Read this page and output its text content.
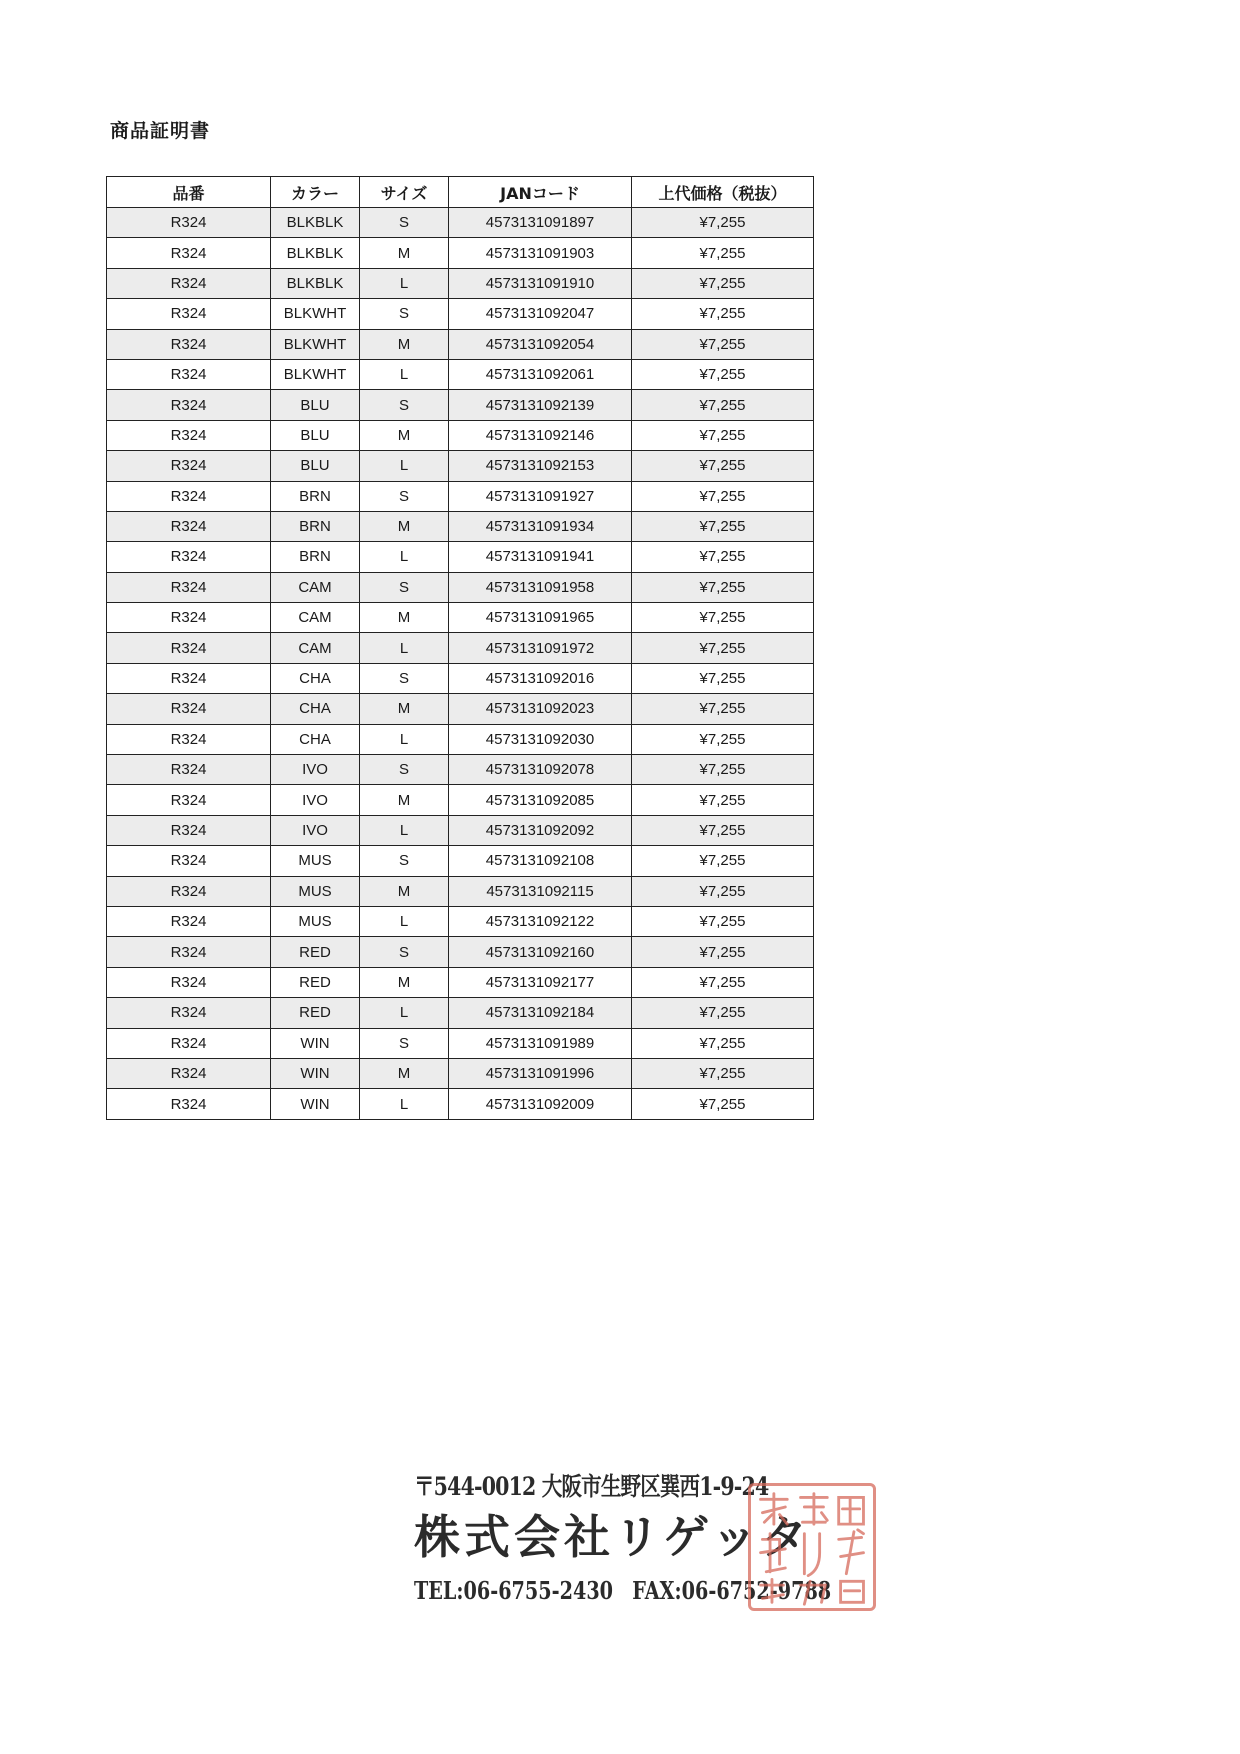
商品証明書
品番	カラー	サイズ	JANコード	上代価格（税抜）
R324	BLKBLK	S	4573131091897	¥7,255
R324	BLKBLK	M	4573131091903	¥7,255
R324	BLKBLK	L	4573131091910	¥7,255
R324	BLKWHT	S	4573131092047	¥7,255
R324	BLKWHT	M	4573131092054	¥7,255
R324	BLKWHT	L	4573131092061	¥7,255
R324	BLU	S	4573131092139	¥7,255
R324	BLU	M	4573131092146	¥7,255
R324	BLU	L	4573131092153	¥7,255
R324	BRN	S	4573131091927	¥7,255
R324	BRN	M	4573131091934	¥7,255
R324	BRN	L	4573131091941	¥7,255
R324	CAM	S	4573131091958	¥7,255
R324	CAM	M	4573131091965	¥7,255
R324	CAM	L	4573131091972	¥7,255
R324	CHA	S	4573131092016	¥7,255
R324	CHA	M	4573131092023	¥7,255
R324	CHA	L	4573131092030	¥7,255
R324	IVO	S	4573131092078	¥7,255
R324	IVO	M	4573131092085	¥7,255
R324	IVO	L	4573131092092	¥7,255
R324	MUS	S	4573131092108	¥7,255
R324	MUS	M	4573131092115	¥7,255
R324	MUS	L	4573131092122	¥7,255
R324	RED	S	4573131092160	¥7,255
R324	RED	M	4573131092177	¥7,255
R324	RED	L	4573131092184	¥7,255
R324	WIN	S	4573131091989	¥7,255
R324	WIN	M	4573131091996	¥7,255
R324	WIN	L	4573131092009	¥7,255
〒544-0012 大阪市生野区巽西1-9-24
株式会社リゲッタ
TEL:06-6755-2430　FAX:06-6752-9788
